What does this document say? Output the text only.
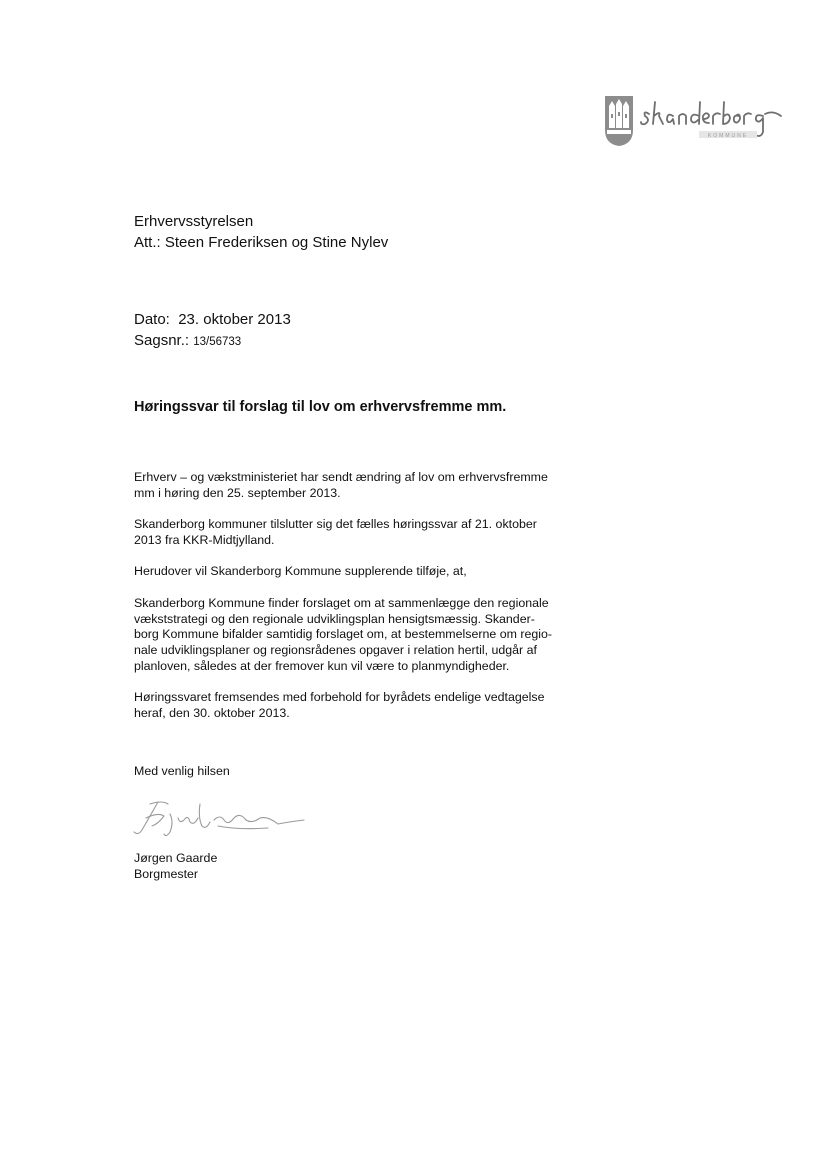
KOMMUNE
Erhvervsstyrelsen
Att.: Steen Frederiksen og Stine Nylev
Dato: 23. oktober 2013
Sagsnr.: 13/56733
Høringssvar til forslag til lov om erhvervsfremme mm.

Erhverv – og vækstministeriet har sendt ændring af lov om erhvervsfremme
mm i høring den 25. september 2013.

Skanderborg kommuner tilslutter sig det fælles høringssvar af 21. oktober
2013 fra KKR-Midtjylland.

Herudover vil Skanderborg Kommune supplerende tilføje, at,

Skanderborg Kommune finder forslaget om at sammenlægge den regionale
vækststrategi og den regionale udviklingsplan hensigtsmæssig. Skander-
borg Kommune bifalder samtidig forslaget om, at bestemmelserne om regio-
nale udviklingsplaner og regionsrådenes opgaver i relation hertil, udgår af
planloven, således at der fremover kun vil være to planmyndigheder.

Høringssvaret fremsendes med forbehold for byrådets endelige vedtagelse
heraf, den 30. oktober 2013.

Med venlig hilsen
Jørgen Gaarde
Borgmester
